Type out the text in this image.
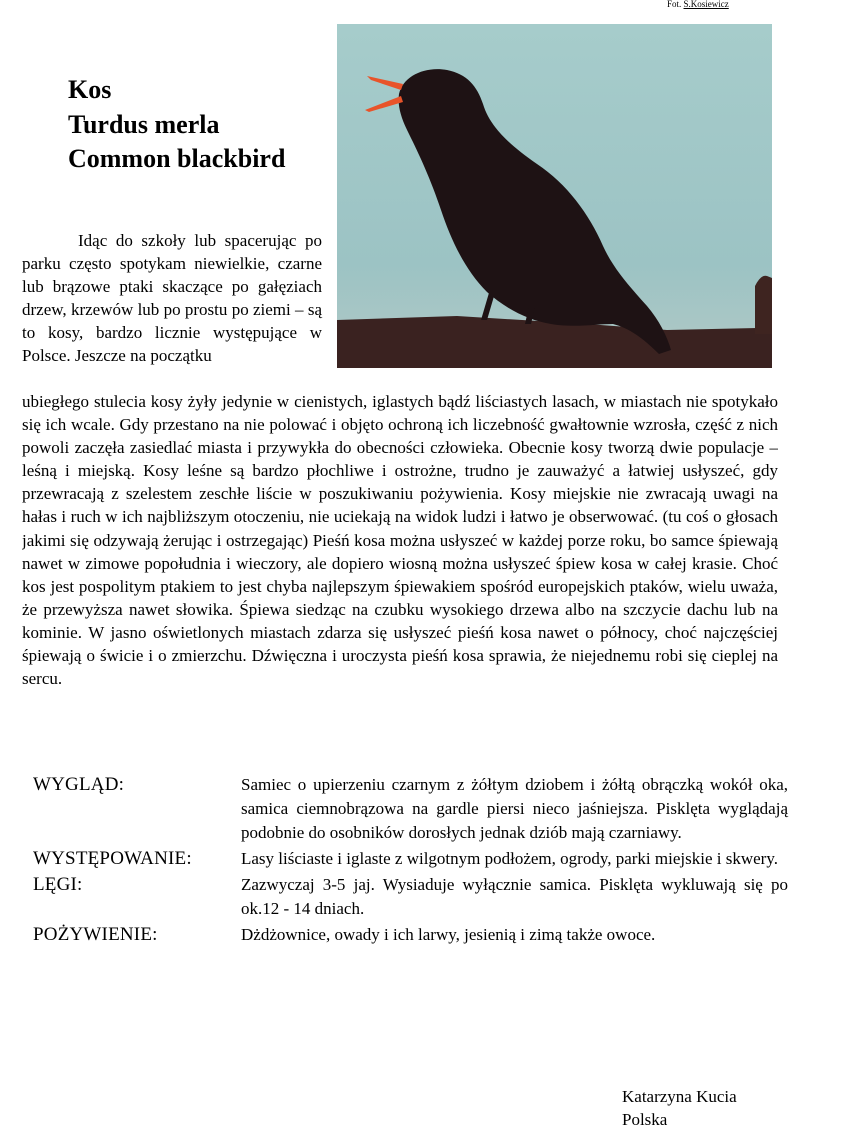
Fot. S.Kosiewicz
Kos
Turdus merla
Common blackbird
Idąc do szkoły lub spacerując po parku często spotykam niewielkie, czarne lub brązowe ptaki skaczące po gałęziach drzew, krzewów lub po prostu po ziemi – są to kosy, bardzo licznie występujące w Polsce. Jeszcze na początku
ubiegłego stulecia kosy żyły jedynie w cienistych, iglastych bądź liściastych lasach, w miastach nie spotykało się ich wcale. Gdy przestano na nie polować i objęto ochroną ich liczebność gwałtownie wzrosła, część z nich powoli zaczęła zasiedlać miasta i przywykła do obecności człowieka. Obecnie kosy tworzą dwie populacje – leśną i miejską. Kosy leśne są bardzo płochliwe i ostrożne, trudno je zauważyć a łatwiej usłyszeć, gdy przewracają z szelestem zeschłe liście w poszukiwaniu pożywienia. Kosy miejskie nie zwracają uwagi na hałas i ruch w ich najbliższym otoczeniu, nie uciekają na widok ludzi i łatwo je obserwować. (tu coś o głosach jakimi się odzywają żerując i ostrzegając) Pieśń kosa można usłyszeć w każdej porze roku, bo samce śpiewają nawet w zimowe popołudnia i wieczory, ale dopiero wiosną można usłyszeć śpiew kosa w całej krasie. Choć kos jest pospolitym ptakiem to jest chyba najlepszym śpiewakiem spośród europejskich ptaków, wielu uważa, że przewyższa nawet słowika. Śpiewa siedząc na czubku wysokiego drzewa albo na szczycie dachu lub na kominie. W jasno oświetlonych miastach zdarza się usłyszeć pieśń kosa nawet o północy, choć najczęściej śpiewają o świcie i o zmierzchu. Dźwięczna i uroczysta pieśń kosa sprawia, że niejednemu robi się cieplej na sercu.
WYGLĄD:	Samiec o upierzeniu czarnym z żółtym dziobem i żółtą obrączką wokół oka, samica ciemnobrązowa na gardle piersi nieco jaśniejsza. Pisklęta wyglądają podobnie do osobników dorosłych jednak dziób mają czarniawy.
WYSTĘPOWANIE:	Lasy liściaste i iglaste z wilgotnym podłożem, ogrody, parki miejskie i skwery.
LĘGI:	Zazwyczaj 3-5 jaj. Wysiaduje wyłącznie samica. Pisklęta wykluwają się po ok.12 - 14 dniach.
POŻYWIENIE:	Dżdżownice, owady i ich larwy, jesienią i zimą także owoce.
Katarzyna Kucia
Polska
